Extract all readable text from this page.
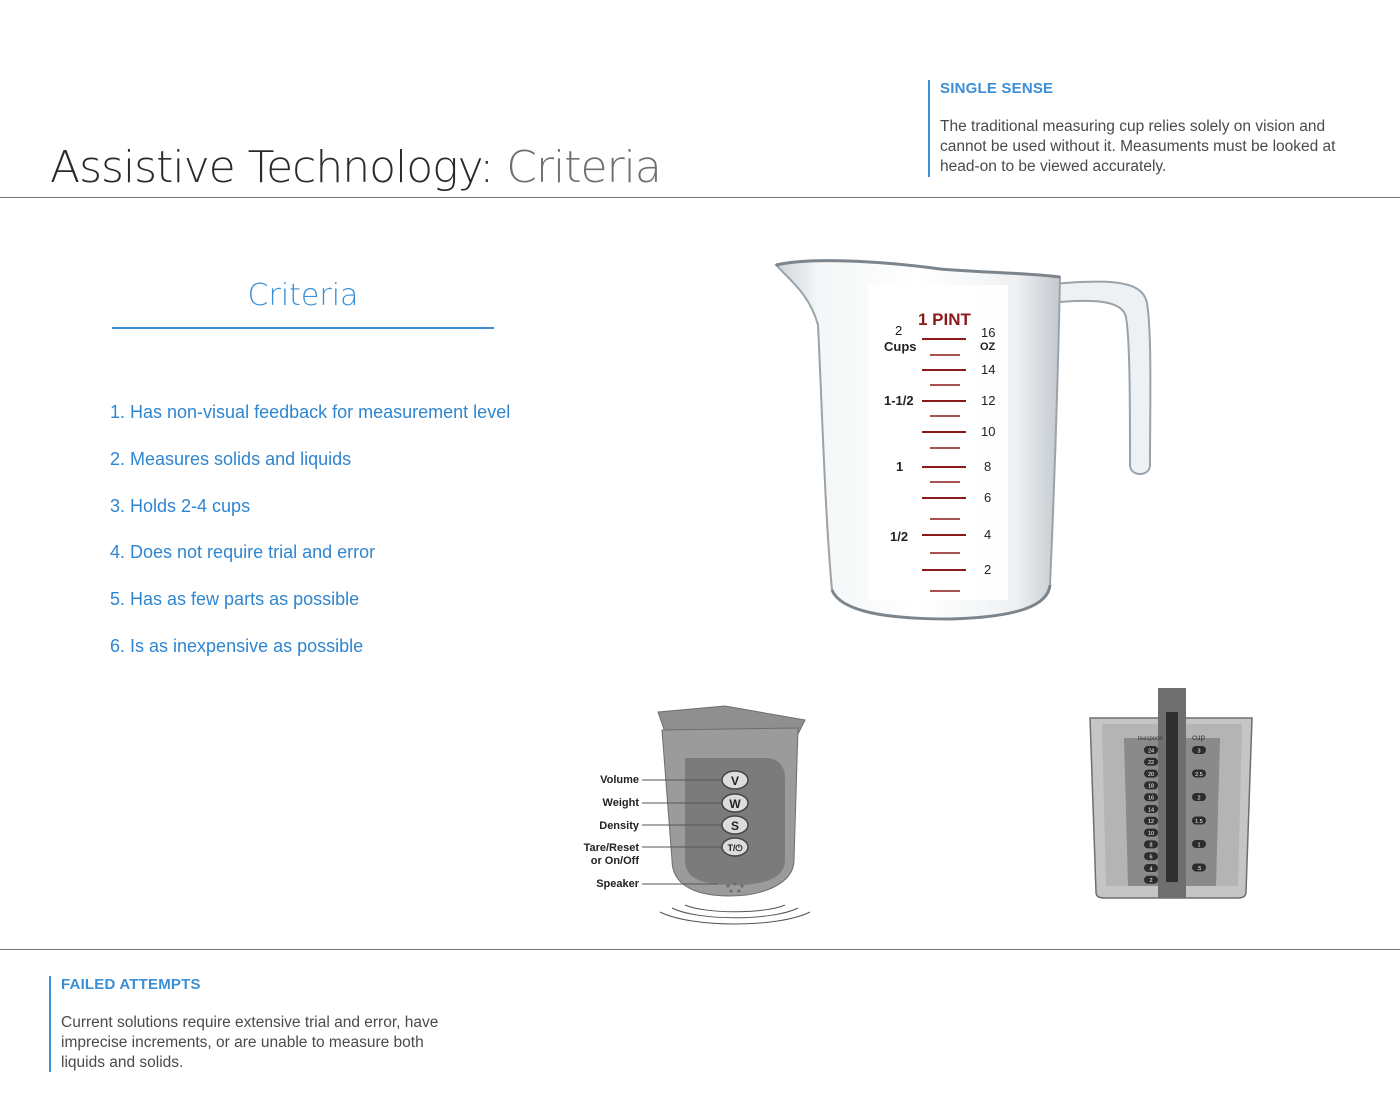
Assistive Technology: Criteria
SINGLE SENSE

The traditional measuring cup relies solely on vision and cannot be used without it. Measuments must be looked at head-on to be viewed accurately.

Criteria
1. Has non-visual feedback for measurement level
2. Measures solids and liquids
3. Holds 2-4 cups
4. Does not require trial and error
5. Has as few parts as possible
6. Is as inexpensive as possible
1 PINT
2
Cups
16
OZ
14
12
1-1/2
10
8
1
6
4
1/2
2
V
W
S
T/⏻
Volume
Weight
Density
Tare/Reset
or On/Off
Speaker
teaspoon	cup
24
22
20
18
16
14
12
10
8
6
4
2
3
2.5
2
1.5
1
.5
FAILED ATTEMPTS

Current solutions require extensive trial and error, have imprecise increments, or are unable to measure both liquids and solids.
